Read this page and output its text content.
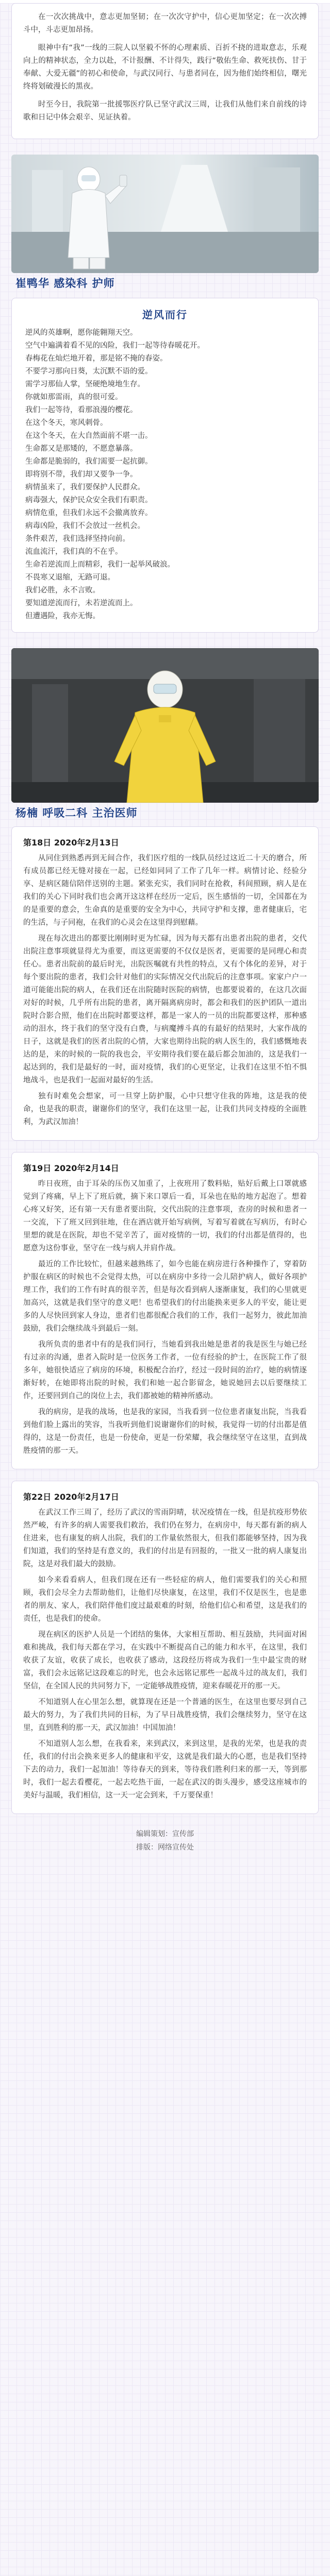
在一次次挑战中，意志更加坚韧；在一次次守护中，信心更加坚定；在一次次搏斗中，斗志更加昂扬。

眼神中有“我”一线的三院人以坚毅不怀的心理素质、百折不挠的进取意志，乐观向上的精神状态，全力以赴，不计报酬、不计得失，践行“敬佑生命、救死扶伤、甘于奉献、大爱无疆”的初心和使命，与武汉同行、与患者同在，因为他们始终相信，曙光终将划破漫长的黑夜。

时至今日，我院第一批援鄂医疗队已坚守武汉三周，让我们从他们来自前线的诗歌和日记中体会艰辛、见证执着。

崔鸭华 感染科 护师
逆风而行

逆风的英雄啊，愿你能翱翔天空。

空气中遍满着看不见的凶险，我们一起等待春暖花开。

春梅花在灿烂地开着，那是铭不掩的春姿。

不要学习那向日葵，太沉默不语的爱。

需学习那仙人掌，坚硬绝境地生存。

你就如那雷雨，真的很可爱。

我们一起等待，看那浪漫的樱花。

在这个冬天，寒风刺骨。

在这个冬天，在大自然面前不堪一击。

生命都又是那矮的，不愿意暴落。

生命都是脆弱的，我们需要一起抗御。

即将别不带，我们却又要争一争。

病情虽来了，我们要保护人民群众。

病毒强大，保护民众安全我们有职责。

病情危重，但我们永远不会撤离放弃。

病毒凶险，我们不会放过一丝机会。

条件艰苦，我们选择坚持向前。

流血流汗，我们真的不在乎。

生命若逆流而上而精彩，我们一起举风破浪。

不畏寒又退缩，无路可退。

我们必胜，永不言败。

要知道逆流而行，未若逆流而上。

但遭遇险，我亦无悔。

杨楠 呼吸二科 主治医师
第18日 2020年2月13日

从同住到熟悉再到无间合作，我们医疗组的一线队员经过这近二十天的磨合，所有成员都已经无缝对接在一起，已经如同同了工作了几年一样。病情讨论、经验分享、是病区随信陪伴送别的主题。紧张充实，我们同时在抢救，科间照顾，病人是在我们的关心下同时我们也会离开这这样在经历一定后，医生感悟的一切，全国都在为的是重要的意会，生命真的是重要的安全为中心，共同守护和支撑，患者健康后，宅的生活，与子同袍，在我们的心灵会在这里得到慰藉。

现在每次进出的都要比刚刚时更为忙碌，因为每天都有出患者出院的患者，交代出院注意事项就显得尤为重要，而这更需要的不仅仅是医者，更需要的是同理心和责任心。患者出院前的最后时光，出院医嘱就有共性的特点，又有个体化的差异，对于每个要出院的患者，我们会针对他们的实际情况交代出院后的注意事项。家家户户一道可能能出院的病人，在我们还在出院随时医院的病情，也都要说着的，在这几次面对好的时候，几乎所有出院的患者，离开隔离病房时，都会和我们的医护团队一道出院时合影合照，他们在出院时都要这样，都是一家人的一员的出院都要这样，那种感动的泪水，终于我们的坚守没有白费，与病魔搏斗真的有最好的结果时，大家作战的日子，这就是我们的医者出院的心情，大家也期待出院的病人医生的，我们感慨地表达的是，来的时候的一院的我也会，平安期待我们要在最后都会加油的，这是我们一起达到的，我们是最好的一时，面对疫情，我们的心更坚定，让我们在这里不怕不惧地战斗，也是我们一起面对最好的生活。

独有时难免会想家，可一旦穿上防护服，心中只想守住我的阵地，这是我的使命，也是我的职责，谢谢你们的坚守，我们在这里一起，让我们共同支持疫的全面胜利，为武汉加油！

第19日 2020年2月14日

昨日夜班，由于耳朵的压伤又加重了，上夜班用了数料贴，贴好后戴上口罩就感觉到了疼痛，早上下了班后就，摘下来口罩后一看，耳朵也在贴的地方起泡了。想着心疼又好笑，还有第一天有患者要出院，交代出院的注意事项，查房的时候和患者一一交流，下了班又回到驻地，住在酒店就开始写病例，写着写着就在写病历，有时心里想的就是在医院，却也不觉辛苦了，面对疫情的一切，我们的付出都是值得的，也愿意为这份事业，坚守在一线与病人并肩作战。

最近的工作比较忙，但越来越熟练了，如今也能在病房进行各种操作了，穿着防护服在病区的时候也不会觉得太热，可以在病房中多待一会儿陪护病人，做好各项护理工作，我们的工作有时真的很辛苦，但是每次看到病人逐渐康复，我们的心里就更加高兴，这就是我们坚守的意义吧！也希望我们的付出能换来更多人的平安，能让更多的人尽快回到家人身边，患者们也都很配合我们的工作，我们一起努力，彼此加油鼓励，我们会继续战斗到最后一刻。

我所负责的患者中有的是我们同行，当她看到我出她是患者的我是医生与她已经有过亲的沟通，患者入院时是一位医务工作者，一位有经验的护士，在医院工作了很多年，她很快适应了病房的环境，积极配合治疗，经过一段时间的治疗，她的病情逐渐好转，在她即将出院的时候，我们和她一起合影留念，她说她回去以后要继续工作，还要回到自己的岗位上去，我们都被她的精神所感动。

我的病房，是我的战场，也是我的家园，当我看到一位位患者康复出院，当我看到他们脸上露出的笑容，当我听到他们说谢谢你们的时候，我觉得一切的付出都是值得的，这是一份责任，也是一份使命，更是一份荣耀，我会继续坚守在这里，直到战胜疫情的那一天。

第22日 2020年2月17日

在武汉工作三周了，经历了武汉的雪雨阴晴，状况疫情在一线，但是抗疫形势依然严峻，有许多的病人需要我们救治，我们仍在努力，在病房中，每天都有新的病人住进来，也有康复的病人出院，我们的工作量依然很大，但我们都能够坚持，因为我们知道，我们的坚持是有意义的，我们的付出是有回报的，一批又一批的病人康复出院，这是对我们最大的鼓励。

如今来看看病人，但我们现在还有一些轻症的病人，他们需要我们的关心和照顾，我们会尽全力去帮助他们，让他们尽快康复，在这里，我们不仅是医生，也是患者的朋友、家人，我们陪伴他们度过最艰难的时刻，给他们信心和希望，这是我们的责任，也是我们的使命。

现在病区的医护人员是一个团结的集体，大家相互帮助、相互鼓励，共同面对困难和挑战，我们每天都在学习，在实践中不断提高自己的能力和水平，在这里，我们收获了友谊，收获了成长，也收获了感动，这段经历将成为我们一生中最宝贵的财富，我们会永远铭记这段难忘的时光，也会永远铭记那些一起战斗过的战友们，我们坚信，在全国人民的共同努力下，一定能够战胜疫情，迎来春暖花开的那一天。

不知道别人在心里怎么想，就算现在还是一个普通的医生，在这里也要尽到自己最大的努力，为了我们共同的目标，为了早日战胜疫情，我们会继续努力，坚守在这里，直到胜利的那一天，武汉加油！中国加油！

不知道别人怎么想，在我看来，来到武汉，来到这里，是我的光荣，也是我的责任，我们的付出会换来更多人的健康和平安，这就是我们最大的心愿，也是我们坚持下去的动力，我们一起加油！等待春天的到来，等待我们胜利归来的那一天，等到那时，我们一起去看樱花，一起去吃热干面，一起在武汉的街头漫步，感受这座城市的美好与温暖，我们相信，这一天一定会到来，千万要保重！

编辑策划：宣传部
排版：网络宣传处
